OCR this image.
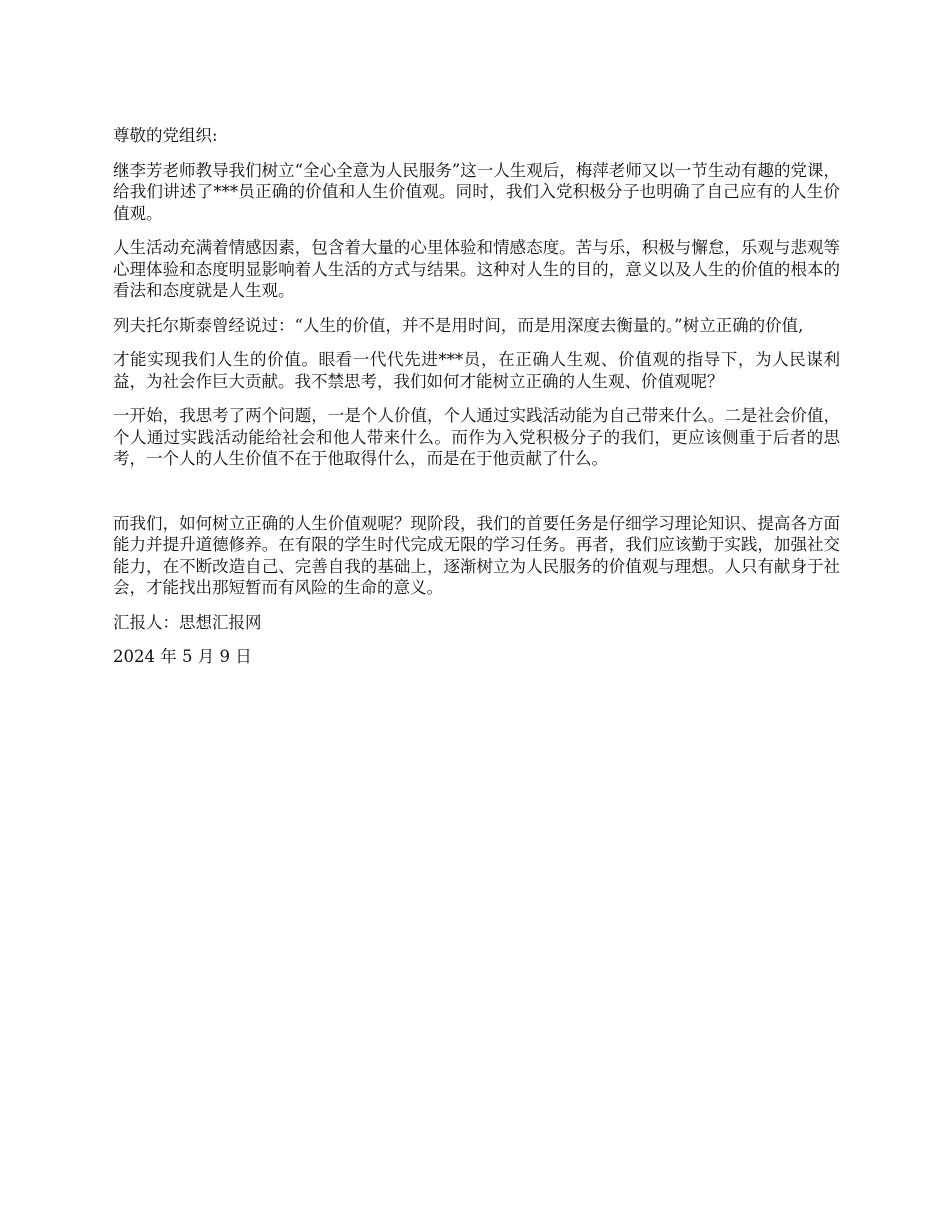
尊敬的党组织:

继李芳老师教导我们树立“全心全意为人民服务”这一人生观后，梅萍老师又以一节生动有趣的党课，给我们讲述了***员正确的价值和人生价值观。同时，我们入党积极分子也明确了自己应有的人生价值观。

人生活动充满着情感因素，包含着大量的心里体验和情感态度。苦与乐，积极与懈怠，乐观与悲观等心理体验和态度明显影响着人生活的方式与结果。这种对人生的目的，意义以及人生的价值的根本的看法和态度就是人生观。

列夫托尔斯泰曾经说过：“人生的价值，并不是用时间，而是用深度去衡量的。”树立正确的价值,

才能实现我们人生的价值。眼看一代代先进***员，在正确人生观、价值观的指导下，为人民谋利益，为社会作巨大贡献。我不禁思考，我们如何才能树立正确的人生观、价值观呢？

一开始，我思考了两个问题，一是个人价值，个人通过实践活动能为自己带来什么。二是社会价值，个人通过实践活动能给社会和他人带来什么。而作为入党积极分子的我们，更应该侧重于后者的思考，一个人的人生价值不在于他取得什么，而是在于他贡献了什么。

而我们，如何树立正确的人生价值观呢？现阶段，我们的首要任务是仔细学习理论知识、提高各方面能力并提升道德修养。在有限的学生时代完成无限的学习任务。再者，我们应该勤于实践，加强社交能力，在不断改造自己、完善自我的基础上，逐渐树立为人民服务的价值观与理想。人只有献身于社会，才能找出那短暂而有风险的生命的意义。

汇报人：思想汇报网

2024 年 5 月 9 日
